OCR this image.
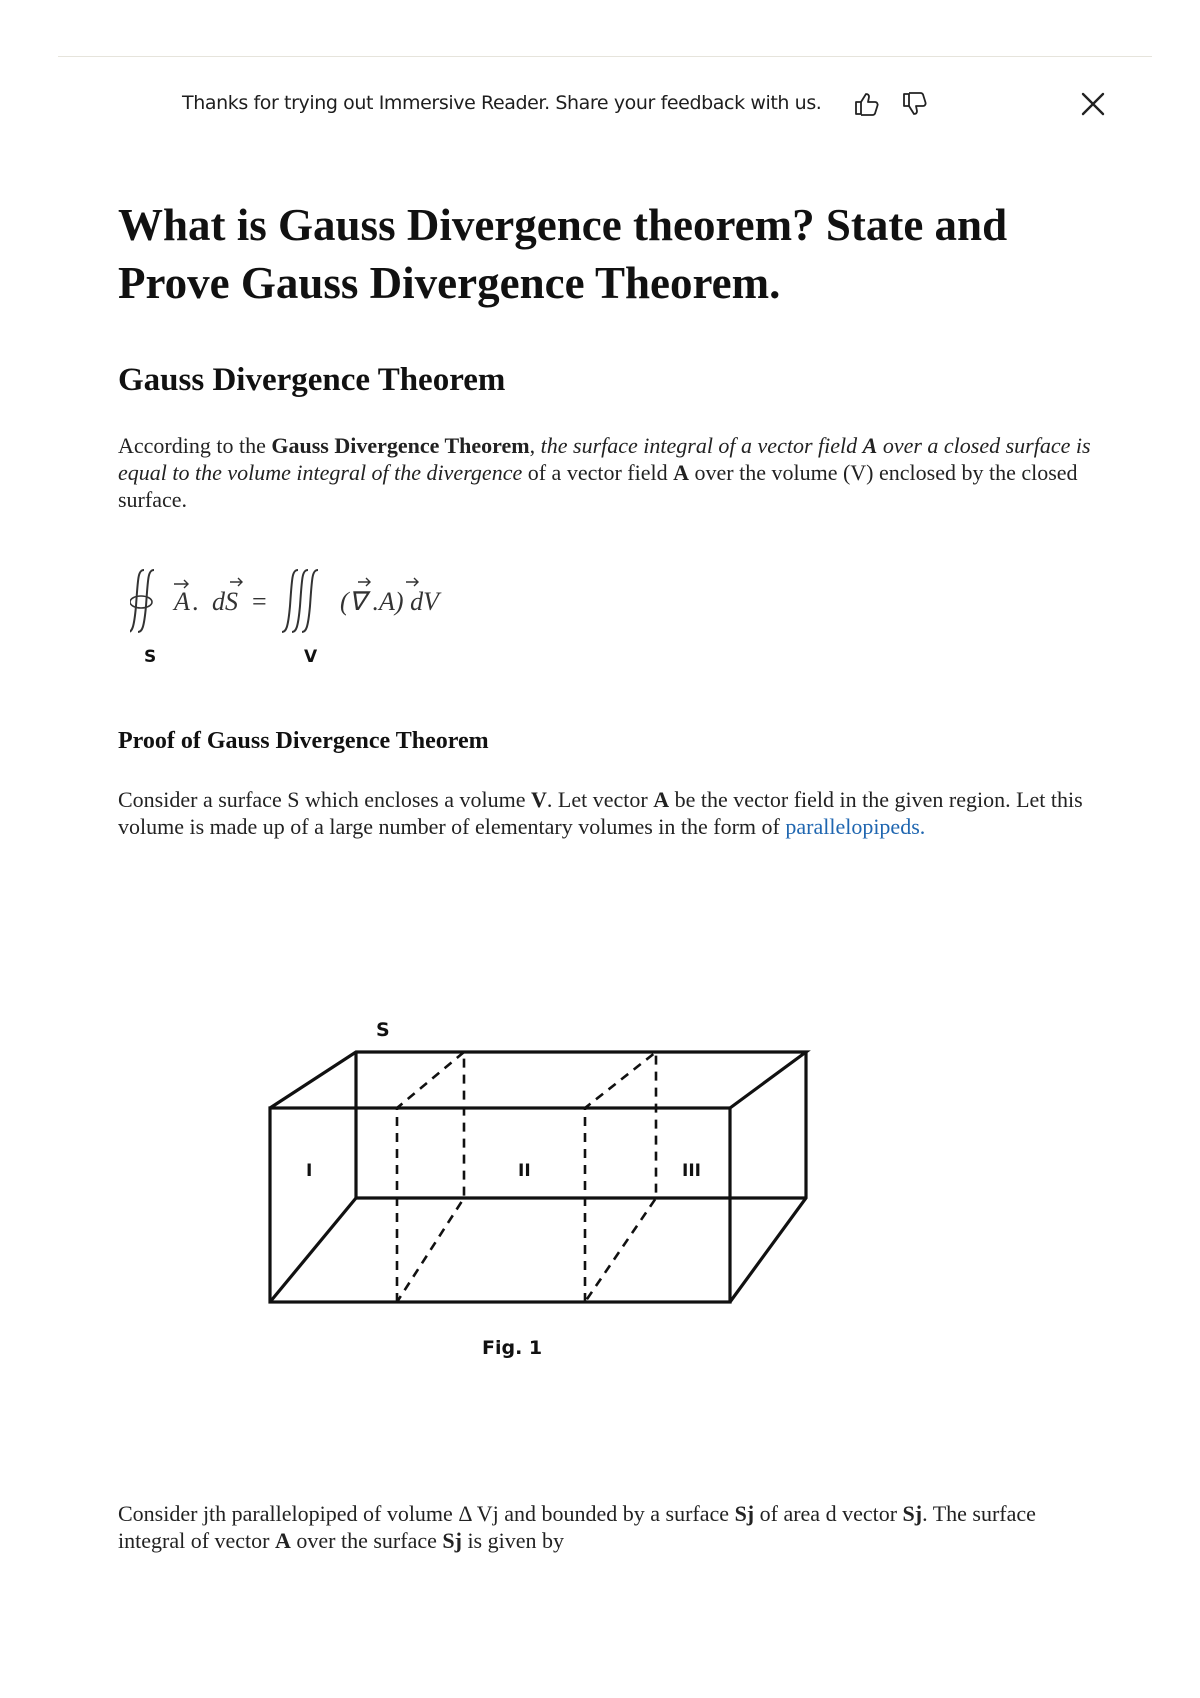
Thanks for trying out Immersive Reader. Share your feedback with us.
What is Gauss Divergence theorem? State and Prove Gauss Divergence Theorem.
Gauss Divergence Theorem
According to the Gauss Divergence Theorem, the surface integral of a vector field A over a closed surface is equal to the volume integral of the divergence of a vector field A over the volume (V) enclosed by the closed surface.
A . dS =	(∇ .A) dV
S	V
Proof of Gauss Divergence Theorem
Consider a surface S which encloses a volume V. Let vector A be the vector field in the given region. Let this volume is made up of a large number of elementary volumes in the form of parallelopipeds.
S
I	II	III
Fig. 1
Consider jth parallelopiped of volume Δ Vj and bounded by a surface Sj of area d vector Sj. The surface integral of vector A over the surface Sj is given by
